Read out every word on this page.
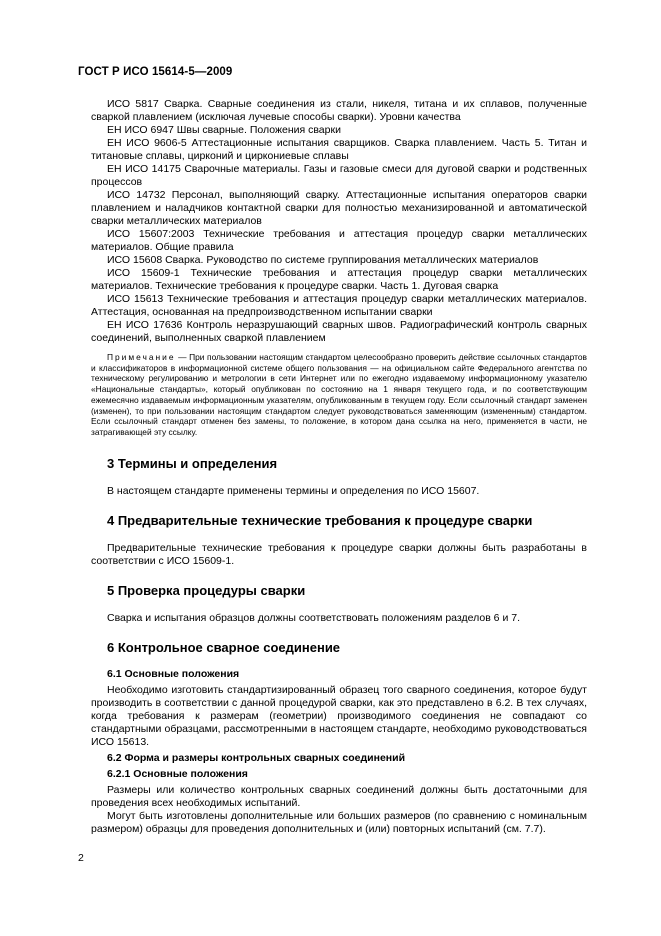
ГОСТ Р ИСО 15614-5—2009

ИСО 5817 Сварка. Сварные соединения из стали, никеля, титана и их сплавов, полученные сваркой плавлением (исключая лучевые способы сварки). Уровни качества

ЕН ИСО 6947 Швы сварные. Положения сварки

ЕН ИСО 9606-5 Аттестационные испытания сварщиков. Сварка плавлением. Часть 5. Титан и титановые сплавы, цирконий и циркониевые сплавы

ЕН ИСО 14175 Сварочные материалы. Газы и газовые смеси для дуговой сварки и родственных процессов

ИСО 14732 Персонал, выполняющий сварку. Аттестационные испытания операторов сварки плавлением и наладчиков контактной сварки для полностью механизированной и автоматической сварки металлических материалов

ИСО 15607:2003 Технические требования и аттестация процедур сварки металлических материалов. Общие правила

ИСО 15608 Сварка. Руководство по системе группирования металлических материалов

ИСО 15609-1 Технические требования и аттестация процедур сварки металлических материалов. Технические требования к процедуре сварки. Часть 1. Дуговая сварка

ИСО 15613 Технические требования и аттестация процедур сварки металлических материалов. Аттестация, основанная на предпроизводственном испытании сварки

ЕН ИСО 17636 Контроль неразрушающий сварных швов. Радиографический контроль сварных соединений, выполненных сваркой плавлением

Примечание — При пользовании настоящим стандартом целесообразно проверить действие ссылочных стандартов и классификаторов в информационной системе общего пользования — на официальном сайте Федерального агентства по техническому регулированию и метрологии в сети Интернет или по ежегодно издаваемому информационному указателю «Национальные стандарты», который опубликован по состоянию на 1 января текущего года, и по соответствующим ежемесячно издаваемым информационным указателям, опубликованным в текущем году. Если ссылочный стандарт заменен (изменен), то при пользовании настоящим стандартом следует руководствоваться заменяющим (измененным) стандартом. Если ссылочный стандарт отменен без замены, то положение, в котором дана ссылка на него, применяется в части, не затрагивающей эту ссылку.

3 Термины и определения

В настоящем стандарте применены термины и определения по ИСО 15607.

4 Предварительные технические требования к процедуре сварки

Предварительные технические требования к процедуре сварки должны быть разработаны в соответствии с ИСО 15609-1.

5 Проверка процедуры сварки

Сварка и испытания образцов должны соответствовать положениям разделов 6 и 7.

6 Контрольное сварное соединение
6.1 Основные положения

Необходимо изготовить стандартизированный образец того сварного соединения, которое будут производить в соответствии с данной процедурой сварки, как это представлено в 6.2. В тех случаях, когда требования к размерам (геометрии) производимого соединения не совпадают со стандартными образцами, рассмотренными в настоящем стандарте, необходимо руководствоваться ИСО 15613.

6.2 Форма и размеры контрольных сварных соединений
6.2.1 Основные положения

Размеры или количество контрольных сварных соединений должны быть достаточными для проведения всех необходимых испытаний.

Могут быть изготовлены дополнительные или больших размеров (по сравнению с номинальным размером) образцы для проведения дополнительных и (или) повторных испытаний (см. 7.7).

2
